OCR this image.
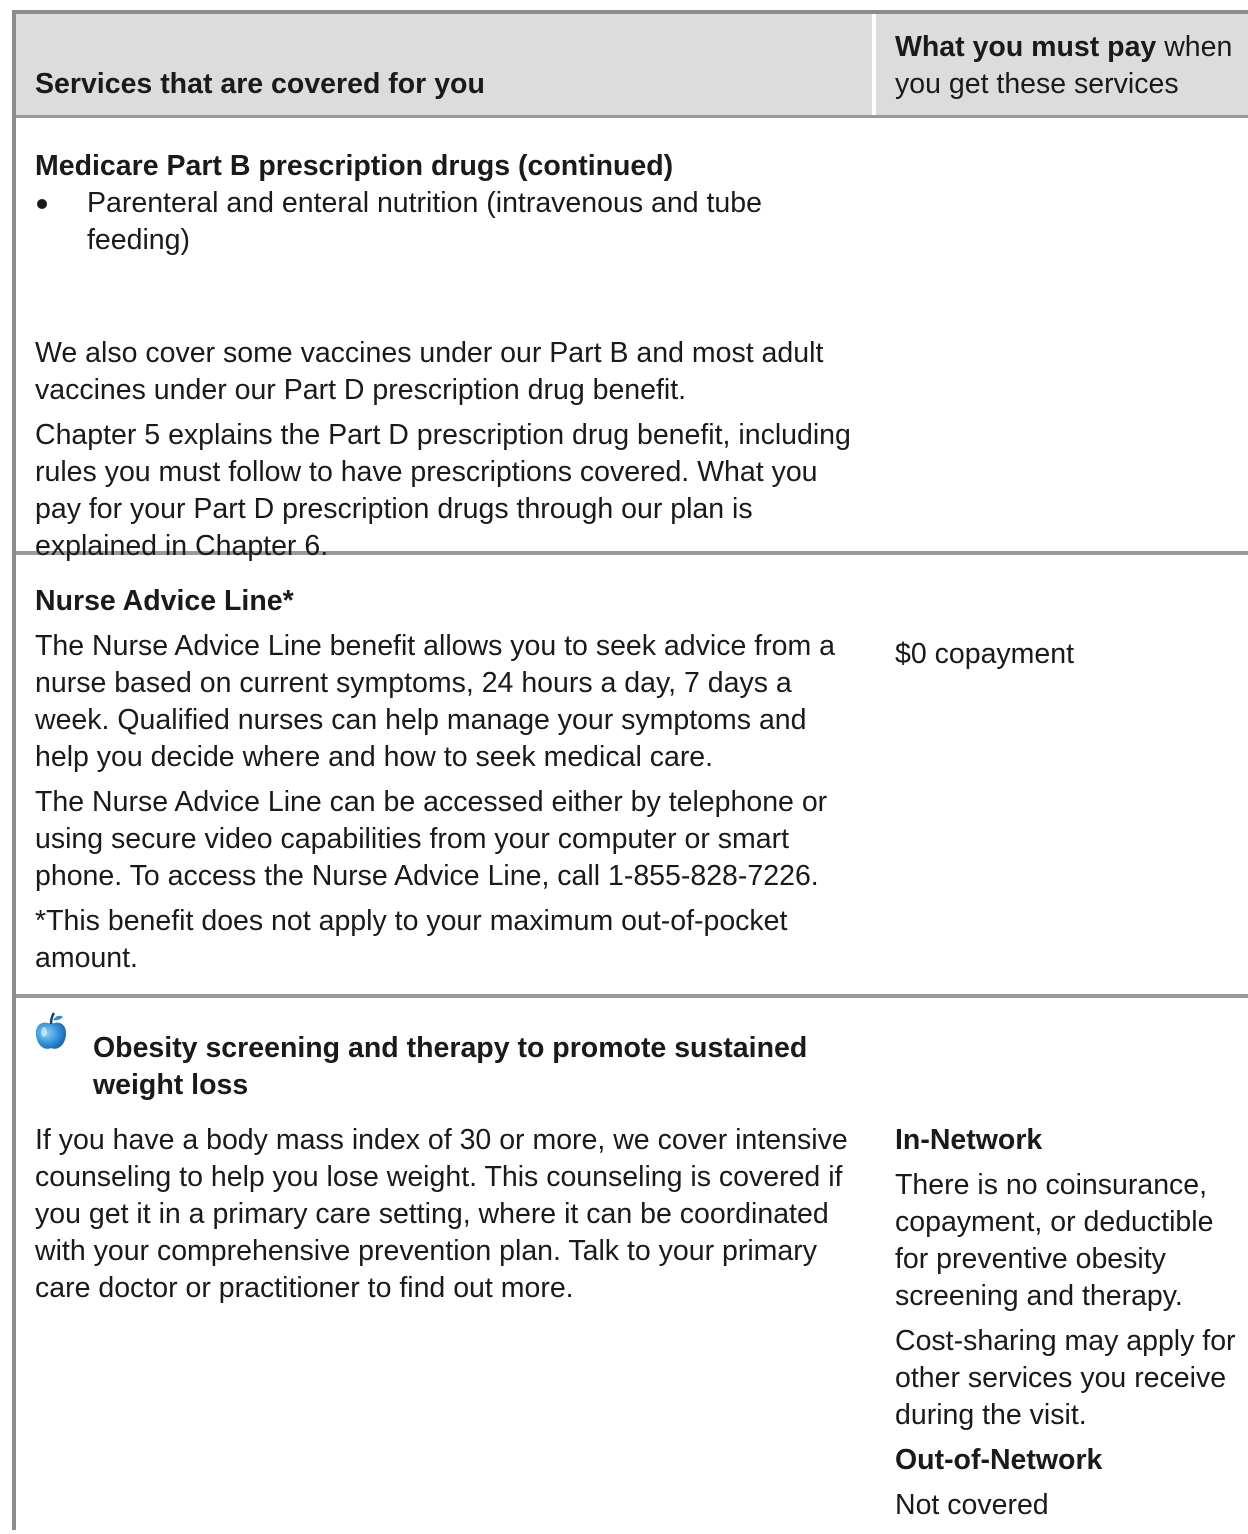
Services that are covered for you

What you must pay when you get these services

Medicare Part B prescription drugs (continued)

Parenteral and enteral nutrition (intravenous and tube feeding)

We also cover some vaccines under our Part B and most adult vaccines under our Part D prescription drug benefit.

Chapter 5 explains the Part D prescription drug benefit, including rules you must follow to have prescriptions covered. What you pay for your Part D prescription drugs through our plan is explained in Chapter 6.

Nurse Advice Line*

The Nurse Advice Line benefit allows you to seek advice from a nurse based on current symptoms, 24 hours a day, 7 days a week. Qualified nurses can help manage your symptoms and help you decide where and how to seek medical care.

The Nurse Advice Line can be accessed either by telephone or using secure video capabilities from your computer or smart phone. To access the Nurse Advice Line, call 1-855-828-7226.

*This benefit does not apply to your maximum out-of-pocket amount.

$0 copayment

Obesity screening and therapy to promote sustained weight loss

If you have a body mass index of 30 or more, we cover intensive counseling to help you lose weight. This counseling is covered if you get it in a primary care setting, where it can be coordinated with your comprehensive prevention plan. Talk to your primary care doctor or practitioner to find out more.

In-Network

There is no coinsurance, copayment, or deductible for preventive obesity screening and therapy.

Cost-sharing may apply for other services you receive during the visit.

Out-of-Network

Not covered
